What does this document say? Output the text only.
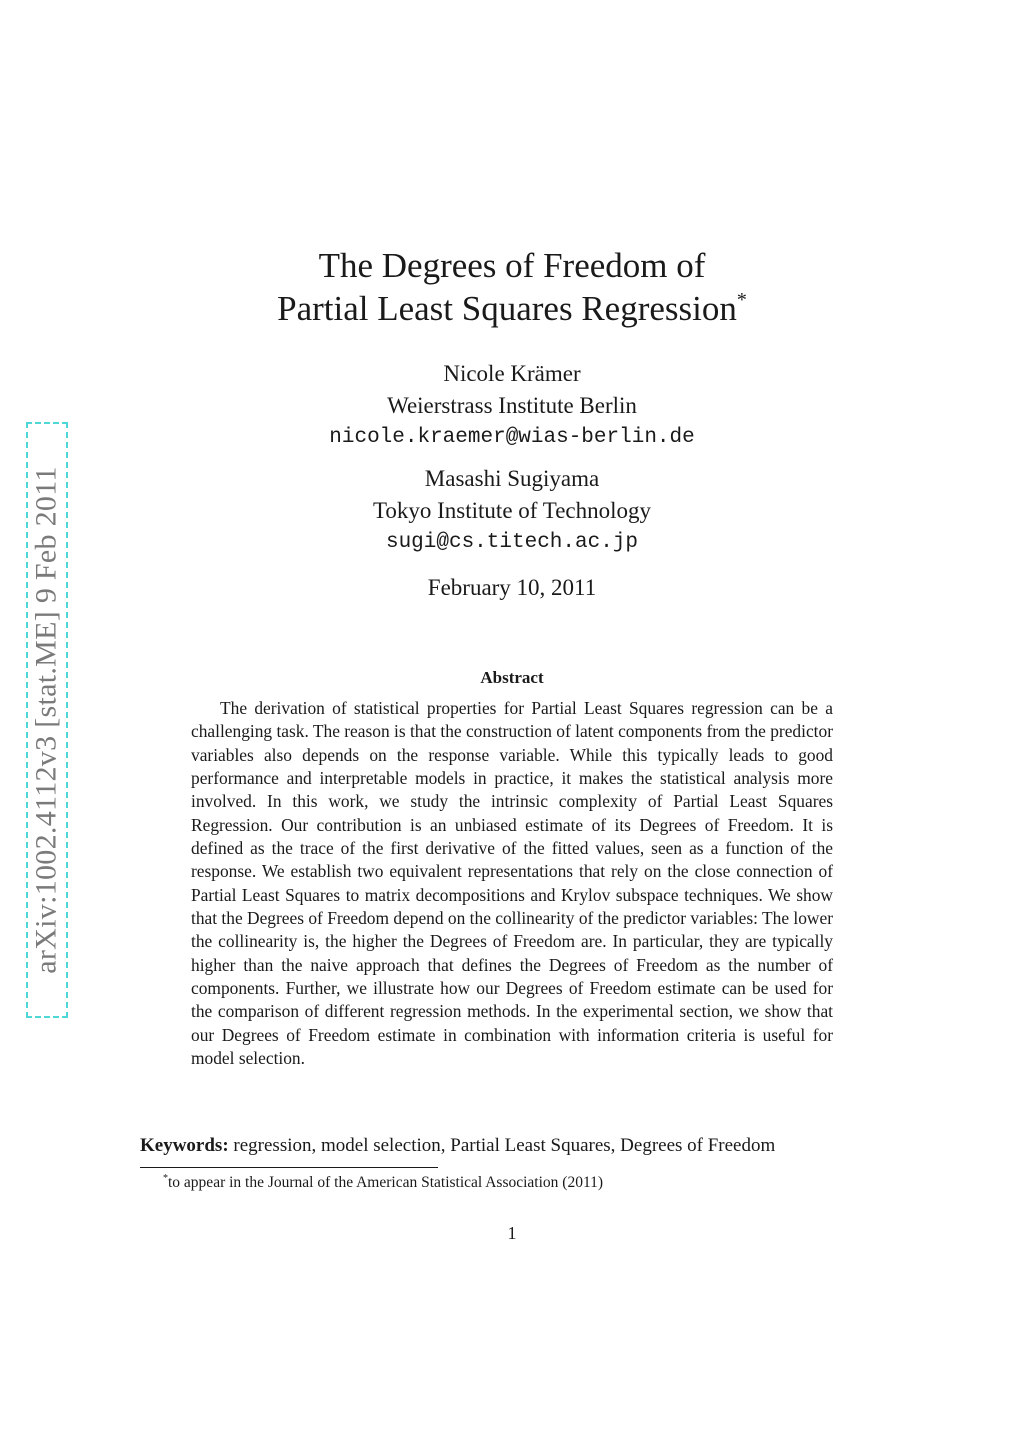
arXiv:1002.4112v3 [stat.ME] 9 Feb 2011
The Degrees of Freedom of
Partial Least Squares Regression*
Nicole Krämer
Weierstrass Institute Berlin
nicole.kraemer@wias-berlin.de
Masashi Sugiyama
Tokyo Institute of Technology
sugi@cs.titech.ac.jp
February 10, 2011
Abstract

The derivation of statistical properties for Partial Least Squares regression can be a challenging task. The reason is that the construction of latent components from the predictor variables also depends on the response variable. While this typically leads to good performance and interpretable models in practice, it makes the statistical analysis more involved. In this work, we study the intrinsic complexity of Partial Least Squares Regression. Our contribution is an unbiased estimate of its Degrees of Freedom. It is defined as the trace of the first derivative of the fitted values, seen as a function of the response. We establish two equivalent representations that rely on the close connection of Partial Least Squares to matrix decompositions and Krylov subspace techniques. We show that the Degrees of Freedom depend on the collinearity of the predictor variables: The lower the collinearity is, the higher the Degrees of Freedom are. In particular, they are typically higher than the naive approach that defines the Degrees of Freedom as the number of components. Further, we illustrate how our Degrees of Freedom estimate can be used for the comparison of different regression methods. In the experimental section, we show that our Degrees of Freedom estimate in combination with information criteria is useful for model selection.

Keywords: regression, model selection, Partial Least Squares, Degrees of Freedom
*to appear in the Journal of the American Statistical Association (2011)
1
